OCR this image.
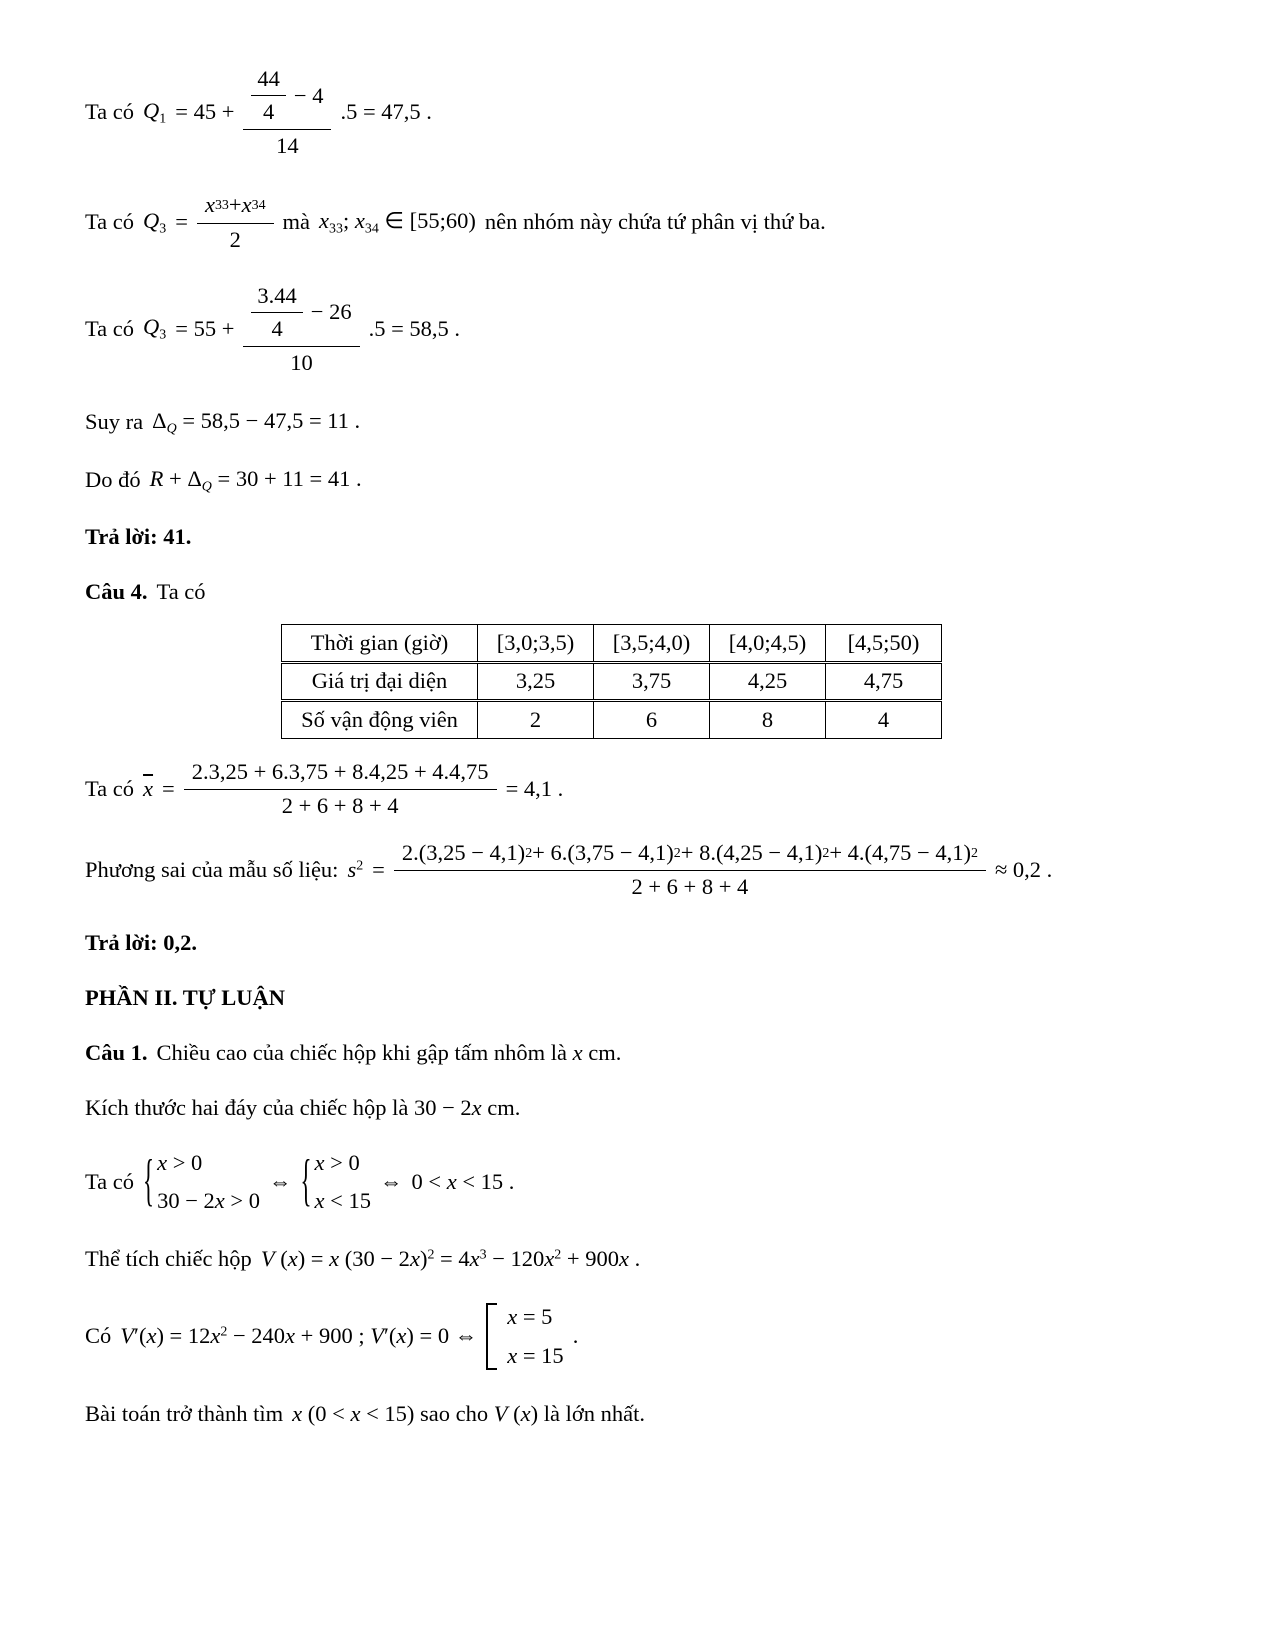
Ta có $Q_1 = 45 + \frac{\frac{44}{4} - 4}{14} .5 = 47,5$ .
Ta có $Q_3 = \frac{x 33 + x 34}{2}$ mà $x_{33}$; $x_{34}$ ∈ [55;60) nên nhóm này chứa tứ phân vị thứ ba.
Ta có $Q_3 = 55 + \frac{\frac{3.44}{4} - 26}{10} .5 = 58,5$ .
Suy ra $\Delta_Q = 58,5 - 47,5 = 11$ .
Do đó $R + \Delta_Q = 30 + 11 = 41$ .
Trả lời: 41.
Câu 4. Ta có
Thời gian (giờ)	[3,0;3,5)	[3,5;4,0)	[4,0;4,5)	[4,5;50)
Giá trị đại diện	3,25	3,75	4,25	4,75
Số vận động viên	2	6	8	4
Ta có $\overline{x} = \frac{2.3,25 + 6.3,75 + 8.4,25 + 4.4,75}{2 + 6 + 8 + 4} = 4,1$ .
Phương sai của mẫu số liệu: $s^2$ =
2.(3,25 − 4,1) 2 + 6.(3,75 − 4,1) 2 + 8.(4,25 − 4,1) 2 + 4.(4,75 − 4,1) 2
2 + 6 + 8 + 4
≈ 0,2 .
Trả lời: 0,2.
PHẦN II. TỰ LUẬN
Câu 1. Chiều cao của chiếc hộp khi gập tấm nhôm là x cm.
Kích thước hai đáy của chiếc hộp là 30 − 2x cm.
Ta có { x > 0
30 − 2x > 0
⇔ { x > 0
x < 15
⇔ 0 < x < 15 .
Thể tích chiếc hộp V (x) = x $(30 - 2x)^2 = 4x^3 - 120x^2 + 900x$ .
Có $V'(x) = 12x^2 - 240x + 900$ ; V′(x) = 0 ⇔
x = 5
x = 15
.
Bài toán trở thành tìm x (0 < x < 15) sao cho V (x) là lớn nhất.
